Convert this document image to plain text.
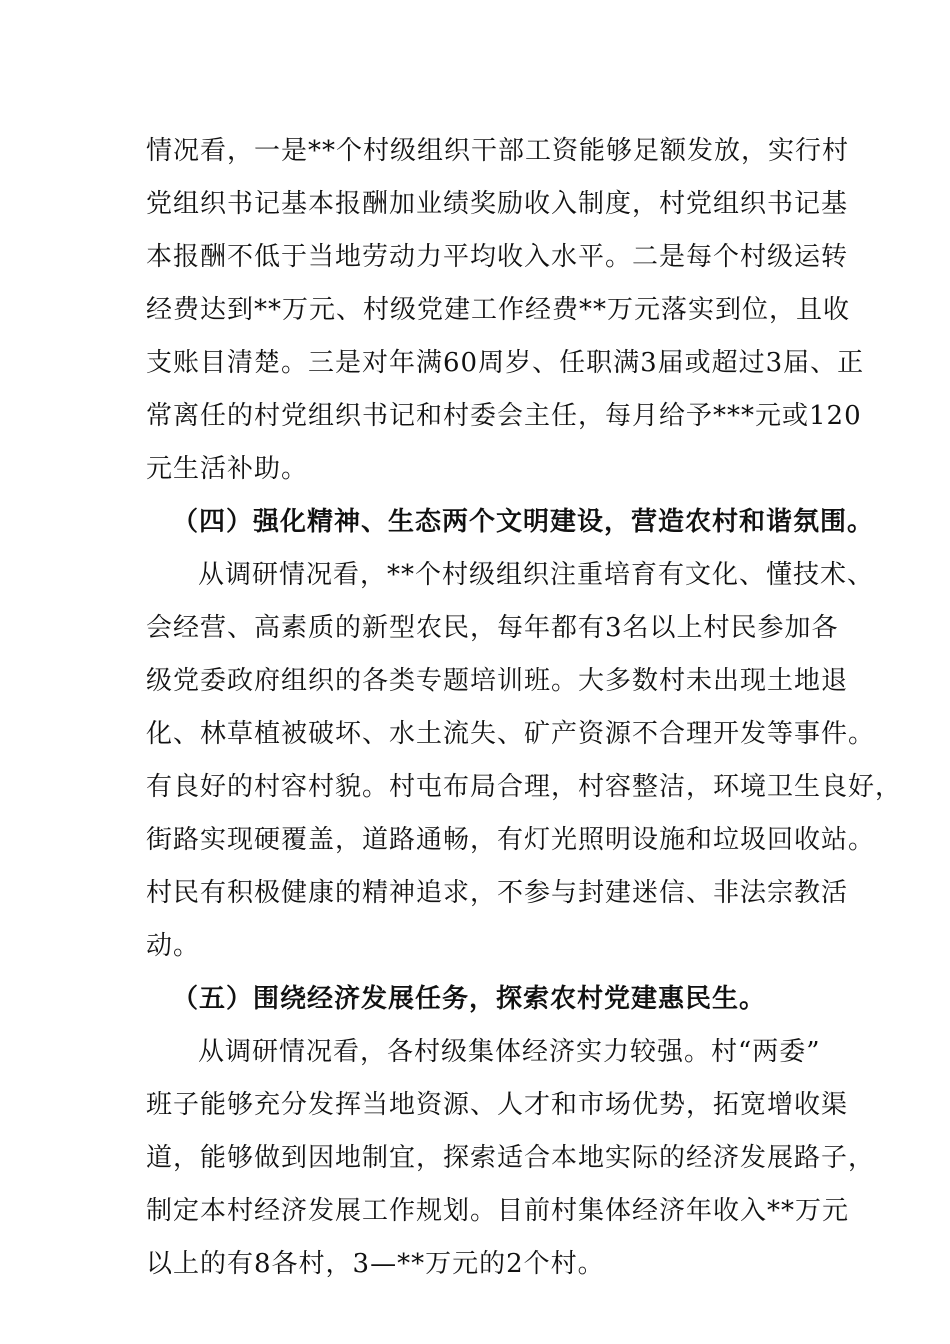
情况看，一是**个村级组织干部工资能够足额发放，实行村
党组织书记基本报酬加业绩奖励收入制度，村党组织书记基
本报酬不低于当地劳动力平均收入水平。二是每个村级运转
经费达到**万元、村级党建工作经费**万元落实到位，且收
支账目清楚。三是对年满60周岁、任职满3届或超过3届、正
常离任的村党组织书记和村委会主任，每月给予***元或120
元生活补助。
（四）强化精神、生态两个文明建设，营造农村和谐氛围。
从调研情况看，**个村级组织注重培育有文化、懂技术、
会经营、高素质的新型农民，每年都有3名以上村民参加各
级党委政府组织的各类专题培训班。大多数村未出现土地退
化、林草植被破坏、水土流失、矿产资源不合理开发等事件。
有良好的村容村貌。村屯布局合理，村容整洁，环境卫生良好，
街路实现硬覆盖，道路通畅，有灯光照明设施和垃圾回收站。
村民有积极健康的精神追求，不参与封建迷信、非法宗教活
动。
（五）围绕经济发展任务，探索农村党建惠民生。
从调研情况看，各村级集体经济实力较强。村“两委”
班子能够充分发挥当地资源、人才和市场优势，拓宽增收渠
道，能够做到因地制宜，探索适合本地实际的经济发展路子，
制定本村经济发展工作规划。目前村集体经济年收入**万元
以上的有8各村，3—**万元的2个村。
